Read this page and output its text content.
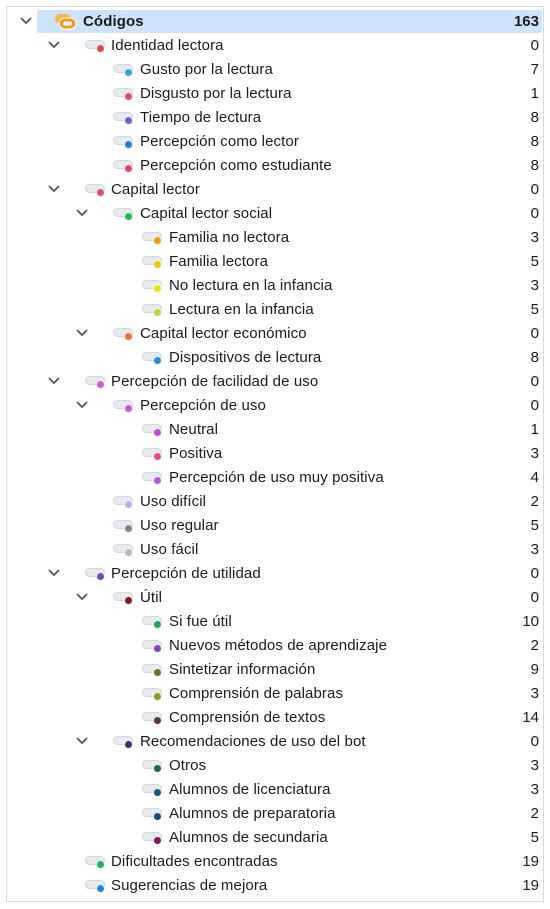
Códigos	163
Identidad lectora	0
Gusto por la lectura	7
Disgusto por la lectura	1
Tiempo de lectura	8
Percepción como lector	8
Percepción como estudiante	8
Capital lector	0
Capital lector social	0
Familia no lectora	3
Familia lectora	5
No lectura en la infancia	3
Lectura en la infancia	5
Capital lector económico	0
Dispositivos de lectura	8
Percepción de facilidad de uso	0
Percepción de uso	0
Neutral	1
Positiva	3
Percepción de uso muy positiva	4
Uso difícil	2
Uso regular	5
Uso fácil	3
Percepción de utilidad	0
Útil	0
Si fue útil	10
Nuevos métodos de aprendizaje	2
Sintetizar información	9
Comprensión de palabras	3
Comprensión de textos	14
Recomendaciones de uso del bot	0
Otros	3
Alumnos de licenciatura	3
Alumnos de preparatoria	2
Alumnos de secundaria	5
Dificultades encontradas	19
Sugerencias de mejora	19
